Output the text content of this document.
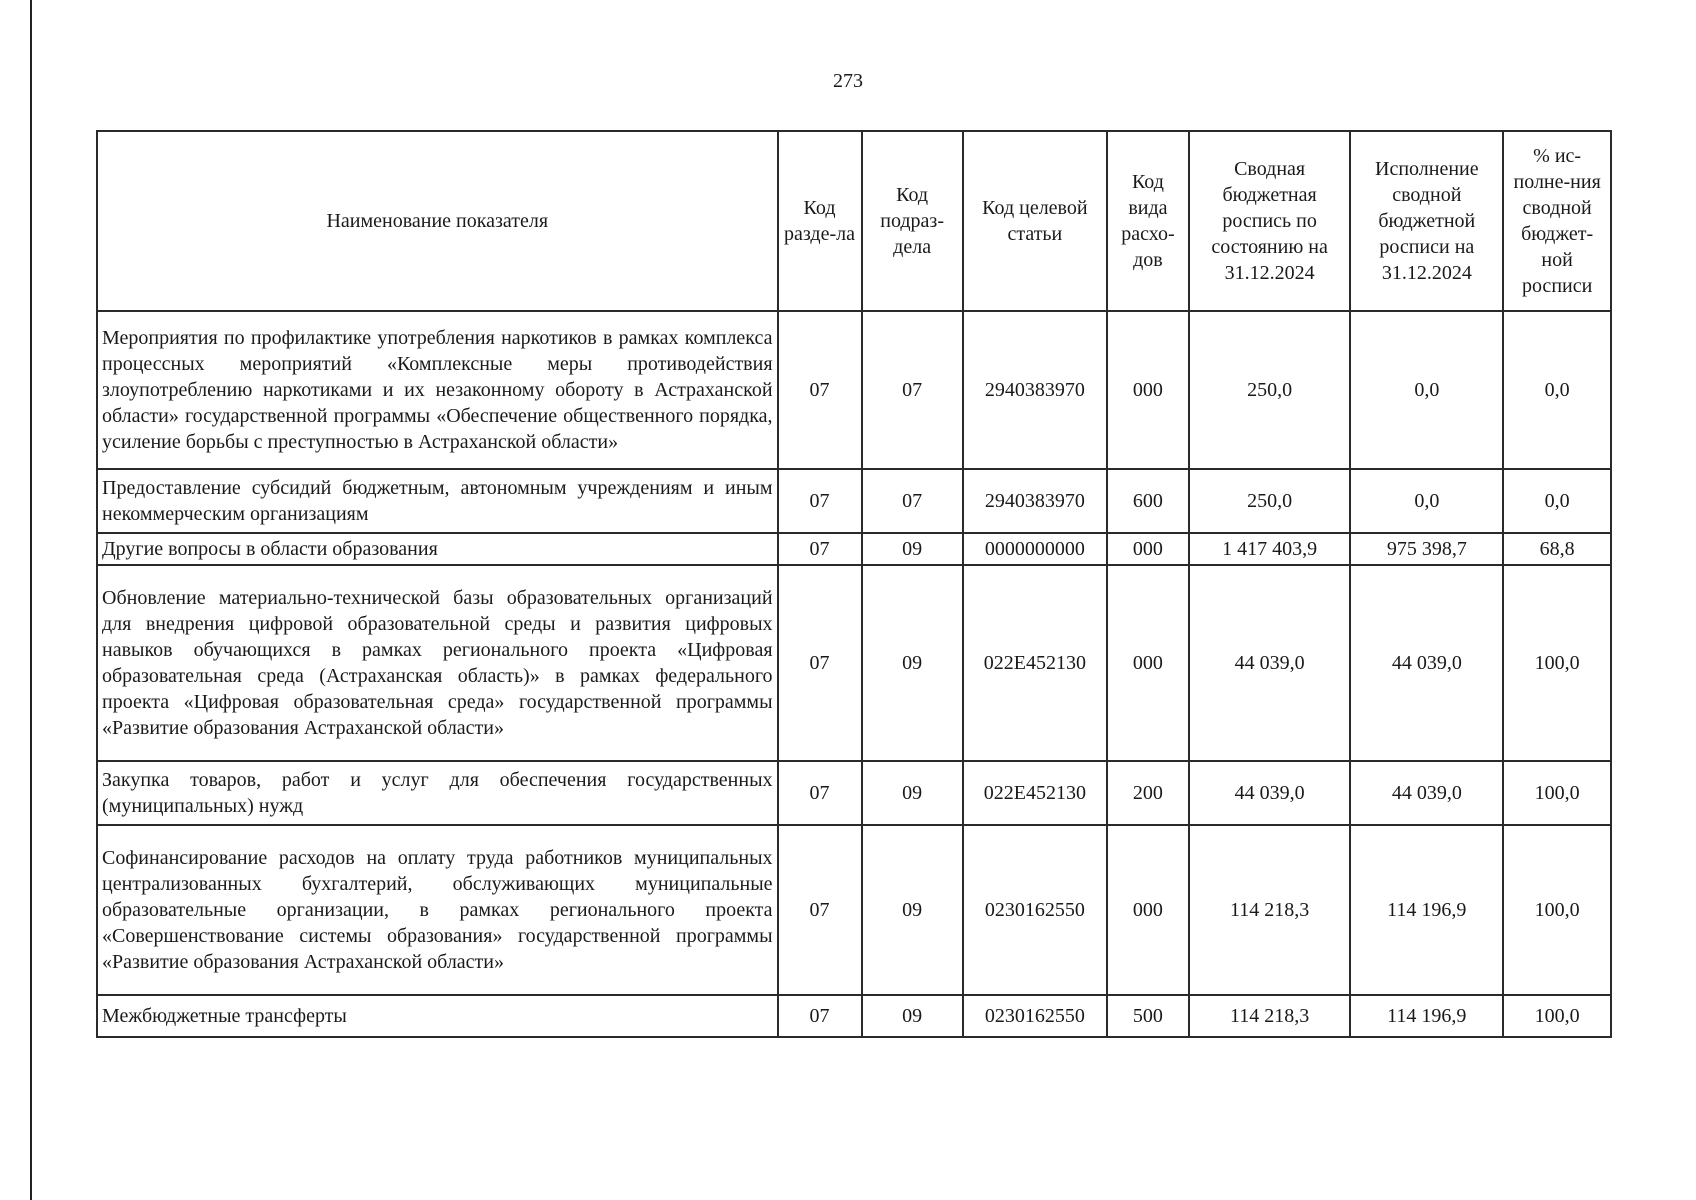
273
Наименование показателя	Код разде-ла	Код подраз-дела	Код целевой статьи	Код вида расхо-дов	Сводная бюджетная роспись по состоянию на 31.12.2024	Исполнение сводной бюджетной росписи на 31.12.2024	% ис-полне-ния сводной бюджет-ной росписи
Мероприятия по профилактике употребления наркотиков в рамках комплекса процессных мероприятий «Комплексные меры противодействия злоупотреблению наркотиками и их незаконному обороту в Астраханской области» государственной программы «Обеспечение общественного порядка, усиление борьбы с преступностью в Астраханской области»	07	07	2940383970	000	250,0	0,0	0,0
Предоставление субсидий бюджетным, автономным учреждениям и иным некоммерческим организациям	07	07	2940383970	600	250,0	0,0	0,0
Другие вопросы в области образования	07	09	0000000000	000	1 417 403,9	975 398,7	68,8
Обновление материально-технической базы образовательных организаций для внедрения цифровой образовательной среды и развития цифровых навыков обучающихся в рамках регионального проекта «Цифровая образовательная среда (Астраханская область)» в рамках федерального проекта «Цифровая образовательная среда» государственной программы «Развитие образования Астраханской области»	07	09	022E452130	000	44 039,0	44 039,0	100,0
Закупка товаров, работ и услуг для обеспечения государственных (муниципальных) нужд	07	09	022E452130	200	44 039,0	44 039,0	100,0
Софинансирование расходов на оплату труда работников муниципальных централизованных бухгалтерий, обслуживающих муниципальные образовательные организации, в рамках регионального проекта «Совершенствование системы образования» государственной программы «Развитие образования Астраханской области»	07	09	0230162550	000	114 218,3	114 196,9	100,0
Межбюджетные трансферты	07	09	0230162550	500	114 218,3	114 196,9	100,0
